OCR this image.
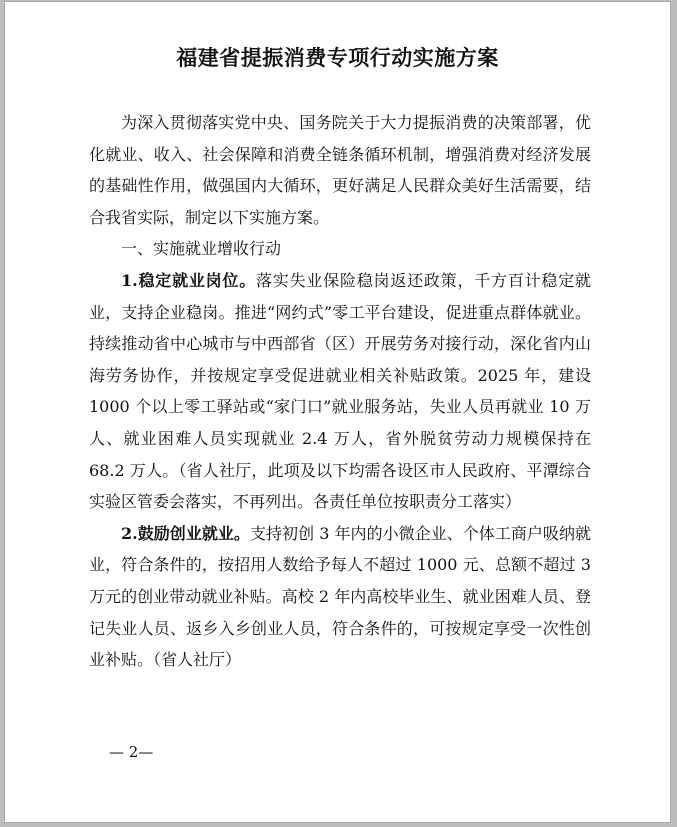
福建省提振消费专项行动实施方案

为深入贯彻落实党中央、国务院关于大力提振消费的决策部署，优化就业、收入、社会保障和消费全链条循环机制，增强消费对经济发展的基础性作用，做强国内大循环，更好满足人民群众美好生活需要，结合我省实际，制定以下实施方案。

一、实施就业增收行动

1.稳定就业岗位。落实失业保险稳岗返还政策，千方百计稳定就业，支持企业稳岗。推进“网约式”零工平台建设，促进重点群体就业。持续推动省中心城市与中西部省（区）开展劳务对接行动，深化省内山海劳务协作，并按规定享受促进就业相关补贴政策。2025 年，建设 1000 个以上零工驿站或“家门口”就业服务站，失业人员再就业 10 万人、就业困难人员实现就业 2.4 万人，省外脱贫劳动力规模保持在 68.2 万人。（省人社厅，此项及以下均需各设区市人民政府、平潭综合实验区管委会落实，不再列出。各责任单位按职责分工落实）

2.鼓励创业就业。支持初创 3 年内的小微企业、个体工商户吸纳就业，符合条件的，按招用人数给予每人不超过 1000 元、总额不超过 3 万元的创业带动就业补贴。高校 2 年内高校毕业生、就业困难人员、登记失业人员、返乡入乡创业人员，符合条件的，可按规定享受一次性创业补贴。（省人社厅）

— 2—
